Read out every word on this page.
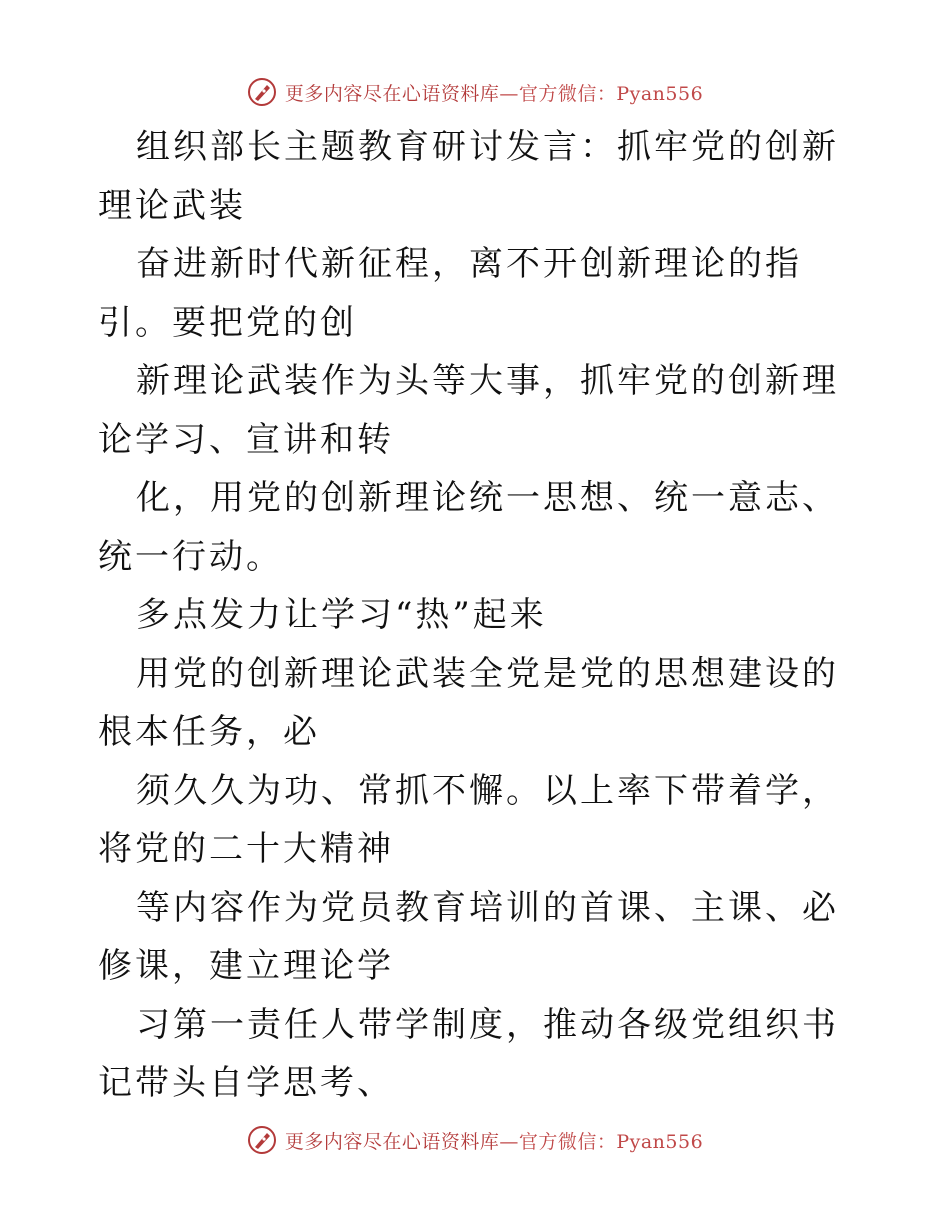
更多内容尽在心语资料库—官方微信：Pyan556

组织部长主题教育研讨发言：抓牢党的创新理论武装

奋进新时代新征程，离不开创新理论的指引。要把党的创

新理论武装作为头等大事，抓牢党的创新理论学习、宣讲和转

化，用党的创新理论统一思想、统一意志、统一行动。

多点发力让学习“热”起来

用党的创新理论武装全党是党的思想建设的根本任务，必

须久久为功、常抓不懈。以上率下带着学，将党的二十大精神

等内容作为党员教育培训的首课、主课、必修课，建立理论学

习第一责任人带学制度，推动各级党组织书记带头自学思考、

更多内容尽在心语资料库—官方微信：Pyan556
